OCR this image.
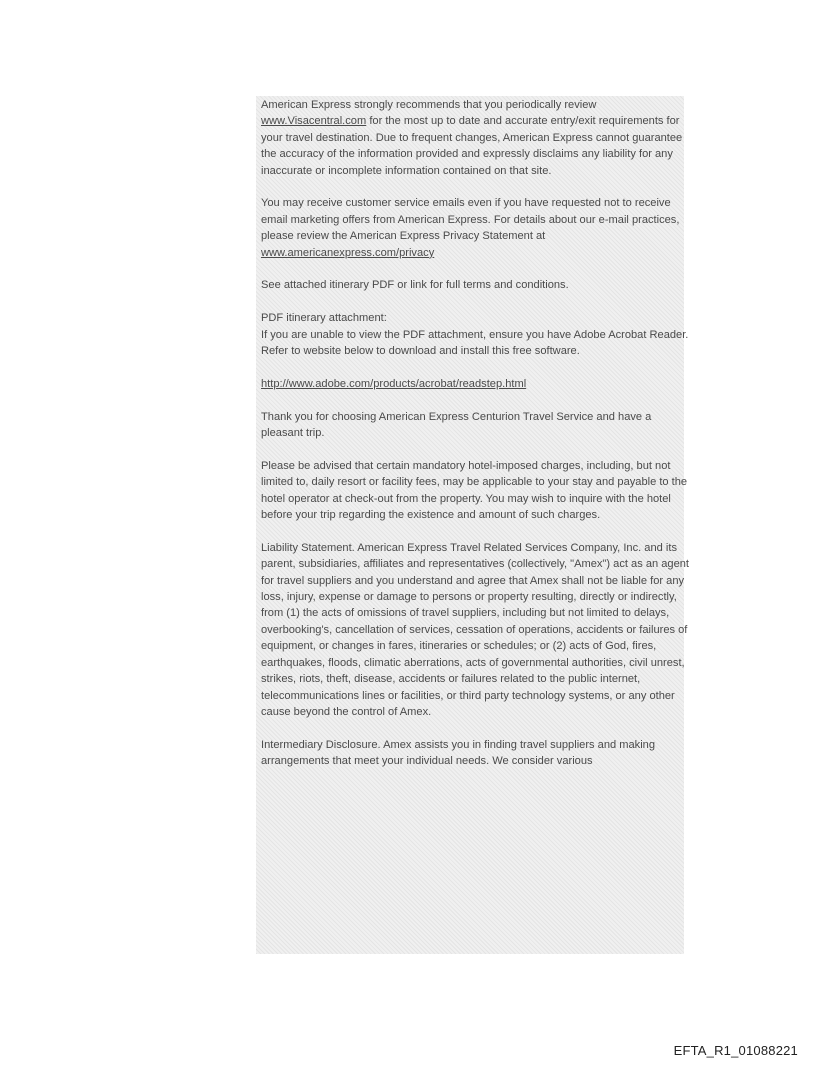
American Express strongly recommends that you periodically review www.Visacentral.com for the most up to date and accurate entry/exit requirements for your travel destination. Due to frequent changes, American Express cannot guarantee the accuracy of the information provided and expressly disclaims any liability for any inaccurate or incomplete information contained on that site.

You may receive customer service emails even if you have requested not to receive email marketing offers from American Express. For details about our e-mail practices, please review the American Express Privacy Statement at www.americanexpress.com/privacy

See attached itinerary PDF or link for full terms and conditions.

PDF itinerary attachment:

If you are unable to view the PDF attachment, ensure you have Adobe Acrobat Reader. Refer to website below to download and install this free software.

http://www.adobe.com/products/acrobat/readstep.html

Thank you for choosing American Express Centurion Travel Service and have a pleasant trip.

Please be advised that certain mandatory hotel-imposed charges, including, but not limited to, daily resort or facility fees, may be applicable to your stay and payable to the hotel operator at check-out from the property. You may wish to inquire with the hotel before your trip regarding the existence and amount of such charges.

Liability Statement. American Express Travel Related Services Company, Inc. and its parent, subsidiaries, affiliates and representatives (collectively, "Amex") act as an agent for travel suppliers and you understand and agree that Amex shall not be liable for any loss, injury, expense or damage to persons or property resulting, directly or indirectly, from (1) the acts of omissions of travel suppliers, including but not limited to delays, overbooking's, cancellation of services, cessation of operations, accidents or failures of equipment, or changes in fares, itineraries or schedules; or (2) acts of God, fires, earthquakes, floods, climatic aberrations, acts of governmental authorities, civil unrest, strikes, riots, theft, disease, accidents or failures related to the public internet, telecommunications lines or facilities, or third party technology systems, or any other cause beyond the control of Amex.

Intermediary Disclosure. Amex assists you in finding travel suppliers and making arrangements that meet your individual needs. We consider various

EFTA_R1_01088221
